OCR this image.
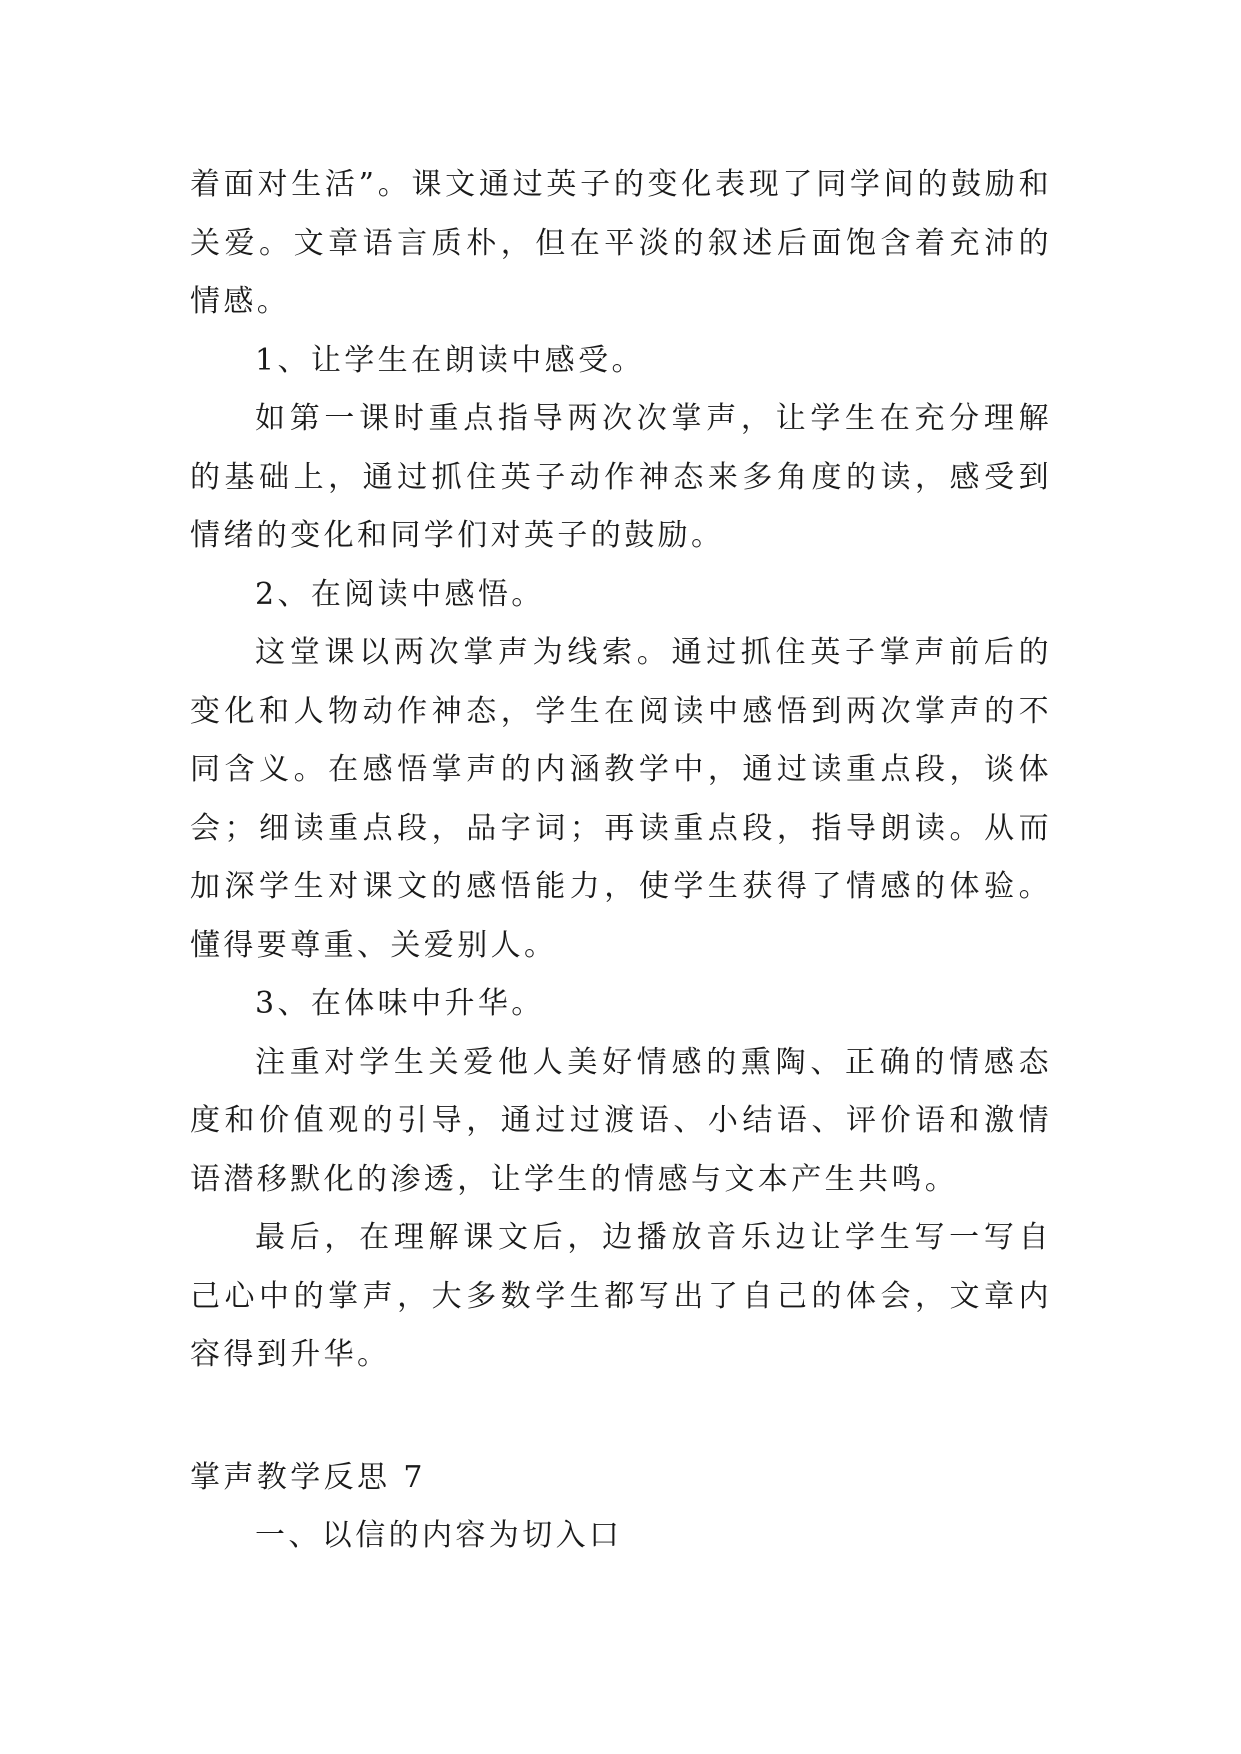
着面对生活”。课文通过英子的变化表现了同学间的鼓励和关爱。文章语言质朴，但在平淡的叙述后面饱含着充沛的情感。

1、让学生在朗读中感受。

如第一课时重点指导两次次掌声，让学生在充分理解的基础上，通过抓住英子动作神态来多角度的读，感受到情绪的变化和同学们对英子的鼓励。

2、在阅读中感悟。

这堂课以两次掌声为线索。通过抓住英子掌声前后的变化和人物动作神态，学生在阅读中感悟到两次掌声的不同含义。在感悟掌声的内涵教学中，通过读重点段，谈体会；细读重点段，品字词；再读重点段，指导朗读。从而加深学生对课文的感悟能力，使学生获得了情感的体验。懂得要尊重、关爱别人。

3、在体味中升华。

注重对学生关爱他人美好情感的熏陶、正确的情感态度和价值观的引导，通过过渡语、小结语、评价语和激情语潜移默化的渗透，让学生的情感与文本产生共鸣。

最后，在理解课文后，边播放音乐边让学生写一写自己心中的掌声，大多数学生都写出了自己的体会，文章内容得到升华。

掌声教学反思 7

一、以信的内容为切入口
